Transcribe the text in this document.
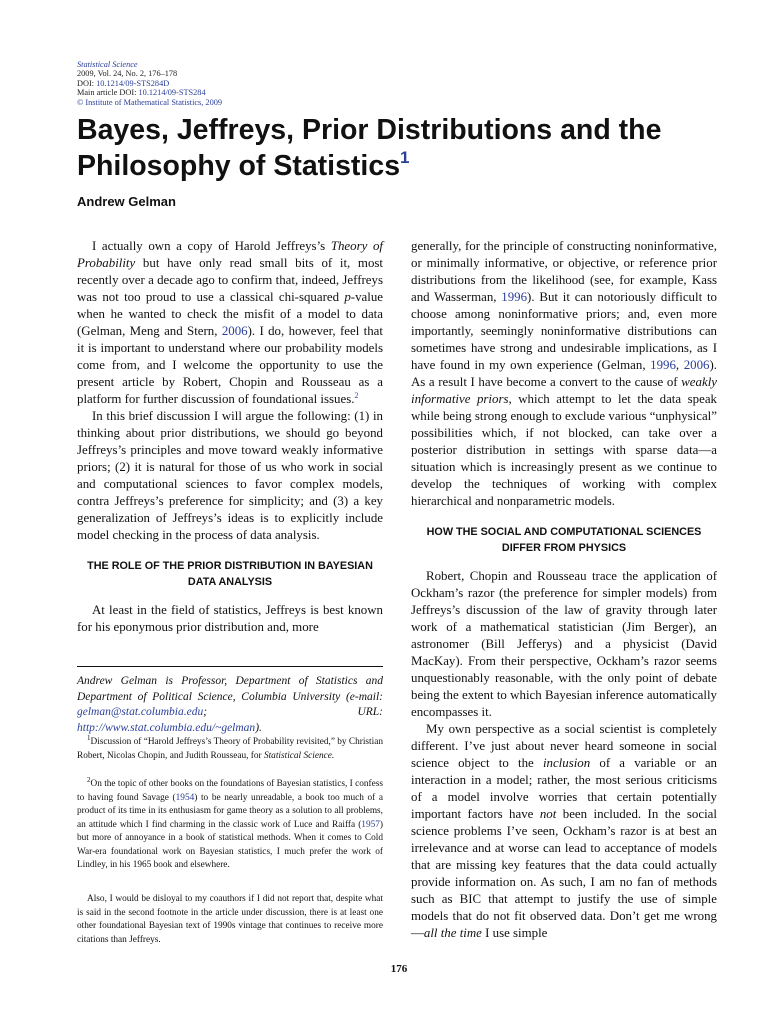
Statistical Science
2009, Vol. 24, No. 2, 176–178
DOI: 10.1214/09-STS284D
Main article DOI: 10.1214/09-STS284
© Institute of Mathematical Statistics, 2009
Bayes, Jeffreys, Prior Distributions and the Philosophy of Statistics$^1$
Andrew Gelman

I actually own a copy of Harold Jeffreys’s Theory of Probability but have only read small bits of it, most recently over a decade ago to confirm that, indeed, Jeffreys was not too proud to use a classical chi-squared p-value when he wanted to check the misfit of a model to data (Gelman, Meng and Stern, 2006). I do, however, feel that it is important to understand where our probability models come from, and I welcome the opportunity to use the present article by Robert, Chopin and Rousseau as a platform for further discussion of foundational issues.$^2$

In this brief discussion I will argue the following: (1) in thinking about prior distributions, we should go beyond Jeffreys’s principles and move toward weakly informative priors; (2) it is natural for those of us who work in social and computational sciences to favor complex models, contra Jeffreys’s preference for simplicity; and (3) a key generalization of Jeffreys’s ideas is to explicitly include model checking in the process of data analysis.

THE ROLE OF THE PRIOR DISTRIBUTION IN BAYESIAN DATA ANALYSIS

At least in the field of statistics, Jeffreys is best known for his eponymous prior distribution and, more

Andrew Gelman is Professor, Department of Statistics and Department of Political Science, Columbia University (e-mail: gelman@stat.columbia.edu; URL: http://www.stat.columbia.edu/~gelman).

$^1$Discussion of “Harold Jeffreys’s Theory of Probability revisited,” by Christian Robert, Nicolas Chopin, and Judith Rousseau, for Statistical Science.

$^2$On the topic of other books on the foundations of Bayesian statistics, I confess to having found Savage (1954) to be nearly unreadable, a book too much of a product of its time in its enthusiasm for game theory as a solution to all problems, an attitude which I find charming in the classic work of Luce and Raiffa (1957) but more of annoyance in a book of statistical methods. When it comes to Cold War-era foundational work on Bayesian statistics, I much prefer the work of Lindley, in his 1965 book and elsewhere.

Also, I would be disloyal to my coauthors if I did not report that, despite what is said in the second footnote in the article under discussion, there is at least one other foundational Bayesian text of 1990s vintage that continues to receive more citations than Jeffreys.

generally, for the principle of constructing noninformative, or minimally informative, or objective, or reference prior distributions from the likelihood (see, for example, Kass and Wasserman, 1996). But it can notoriously difficult to choose among noninformative priors; and, even more importantly, seemingly noninformative distributions can sometimes have strong and undesirable implications, as I have found in my own experience (Gelman, 1996, 2006). As a result I have become a convert to the cause of weakly informative priors, which attempt to let the data speak while being strong enough to exclude various “unphysical” possibilities which, if not blocked, can take over a posterior distribution in settings with sparse data—a situation which is increasingly present as we continue to develop the techniques of working with complex hierarchical and nonparametric models.

HOW THE SOCIAL AND COMPUTATIONAL SCIENCES DIFFER FROM PHYSICS

Robert, Chopin and Rousseau trace the application of Ockham’s razor (the preference for simpler models) from Jeffreys’s discussion of the law of gravity through later work of a mathematical statistician (Jim Berger), an astronomer (Bill Jefferys) and a physicist (David MacKay). From their perspective, Ockham’s razor seems unquestionably reasonable, with the only point of debate being the extent to which Bayesian inference automatically encompasses it.

My own perspective as a social scientist is completely different. I’ve just about never heard someone in social science object to the inclusion of a variable or an interaction in a model; rather, the most serious criticisms of a model involve worries that certain potentially important factors have not been included. In the social science problems I’ve seen, Ockham’s razor is at best an irrelevance and at worse can lead to acceptance of models that are missing key features that the data could actually provide information on. As such, I am no fan of methods such as BIC that attempt to justify the use of simple models that do not fit observed data. Don’t get me wrong—all the time I use simple

176
